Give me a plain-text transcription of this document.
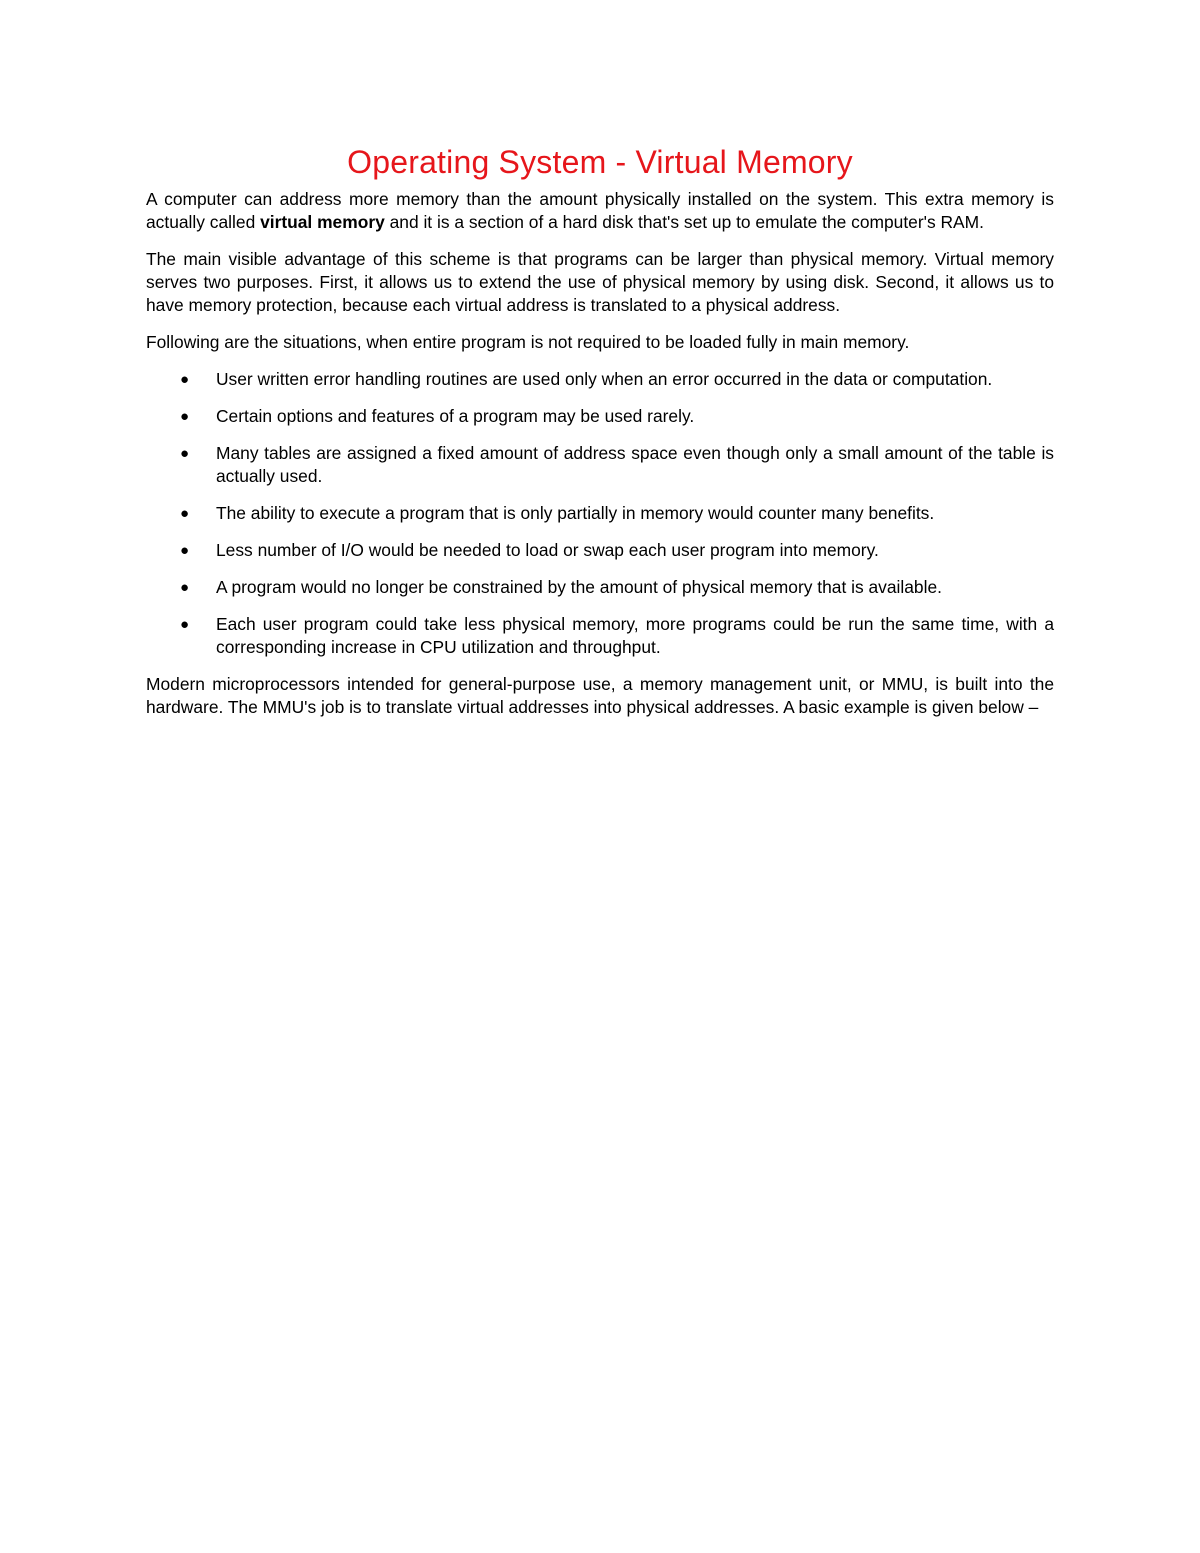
Operating System - Virtual Memory

A computer can address more memory than the amount physically installed on the system. This extra memory is actually called virtual memory and it is a section of a hard disk that's set up to emulate the computer's RAM.

The main visible advantage of this scheme is that programs can be larger than physical memory. Virtual memory serves two purposes. First, it allows us to extend the use of physical memory by using disk. Second, it allows us to have memory protection, because each virtual address is translated to a physical address.

Following are the situations, when entire program is not required to be loaded fully in main memory.

● User written error handling routines are used only when an error occurred in the data or computation.
● Certain options and features of a program may be used rarely.
● Many tables are assigned a fixed amount of address space even though only a small amount of the table is actually used.
● The ability to execute a program that is only partially in memory would counter many benefits.
● Less number of I/O would be needed to load or swap each user program into memory.
● A program would no longer be constrained by the amount of physical memory that is available.
● Each user program could take less physical memory, more programs could be run the same time, with a corresponding increase in CPU utilization and throughput.

Modern microprocessors intended for general-purpose use, a memory management unit, or MMU, is built into the hardware. The MMU's job is to translate virtual addresses into physical addresses. A basic example is given below –
